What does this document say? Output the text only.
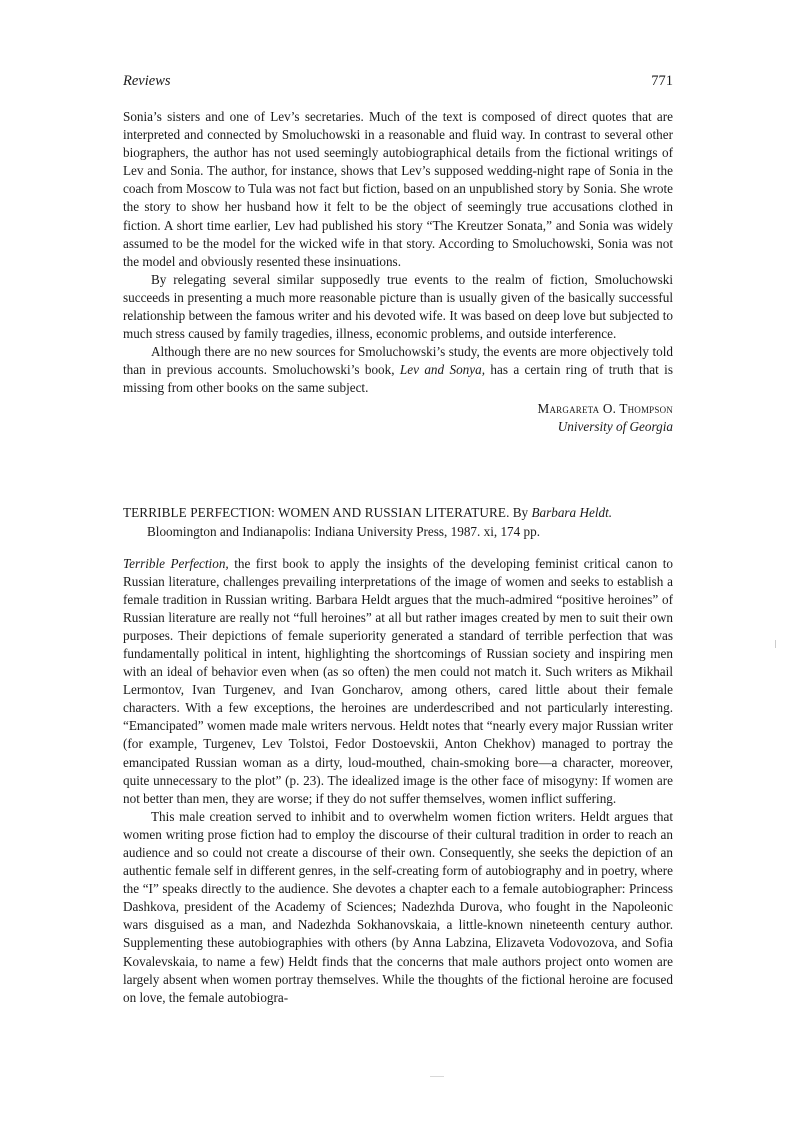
Reviews	771

Sonia’s sisters and one of Lev’s secretaries. Much of the text is composed of direct quotes that are interpreted and connected by Smoluchowski in a reasonable and fluid way. In contrast to several other biographers, the author has not used seemingly autobiographical details from the fictional writings of Lev and Sonia. The author, for instance, shows that Lev’s supposed wedding-night rape of Sonia in the coach from Moscow to Tula was not fact but fiction, based on an unpublished story by Sonia. She wrote the story to show her husband how it felt to be the object of seemingly true accusations clothed in fiction. A short time earlier, Lev had published his story “The Kreutzer Sonata,” and Sonia was widely assumed to be the model for the wicked wife in that story. According to Smoluchowski, Sonia was not the model and obviously resented these insinuations.

By relegating several similar supposedly true events to the realm of fiction, Smoluchowski succeeds in presenting a much more reasonable picture than is usually given of the basically successful relationship between the famous writer and his devoted wife. It was based on deep love but subjected to much stress caused by family tragedies, illness, economic problems, and outside interference.

Although there are no new sources for Smoluchowski’s study, the events are more objectively told than in previous accounts. Smoluchowski’s book, Lev and Sonya, has a certain ring of truth that is missing from other books on the same subject.

Margareta O. Thompson
University of Georgia

TERRIBLE PERFECTION: WOMEN AND RUSSIAN LITERATURE. By Barbara Heldt. Bloomington and Indianapolis: Indiana University Press, 1987. xi, 174 pp.

Terrible Perfection, the first book to apply the insights of the developing feminist critical canon to Russian literature, challenges prevailing interpretations of the image of women and seeks to establish a female tradition in Russian writing. Barbara Heldt argues that the much-admired “positive heroines” of Russian literature are really not “full heroines” at all but rather images created by men to suit their own purposes. Their depictions of female superiority generated a standard of terrible perfection that was fundamentally political in intent, highlighting the shortcomings of Russian society and inspiring men with an ideal of behavior even when (as so often) the men could not match it. Such writers as Mikhail Lermontov, Ivan Turgenev, and Ivan Goncharov, among others, cared little about their female characters. With a few exceptions, the heroines are underdescribed and not particularly interesting. “Emancipated” women made male writers nervous. Heldt notes that “nearly every major Russian writer (for example, Turgenev, Lev Tolstoi, Fedor Dostoevskii, Anton Chekhov) managed to portray the emancipated Russian woman as a dirty, loud-mouthed, chain-smoking bore—a character, moreover, quite unnecessary to the plot” (p. 23). The idealized image is the other face of misogyny: If women are not better than men, they are worse; if they do not suffer themselves, women inflict suffering.

This male creation served to inhibit and to overwhelm women fiction writers. Heldt argues that women writing prose fiction had to employ the discourse of their cultural tradition in order to reach an audience and so could not create a discourse of their own. Consequently, she seeks the depiction of an authentic female self in different genres, in the self-creating form of autobiography and in poetry, where the “I” speaks directly to the audience. She devotes a chapter each to a female autobiographer: Princess Dashkova, president of the Academy of Sciences; Nadezhda Durova, who fought in the Napoleonic wars disguised as a man, and Nadezhda Sokhanovskaia, a little-known nineteenth century author. Supplementing these autobiographies with others (by Anna Labzina, Elizaveta Vodovozova, and Sofia Kovalevskaia, to name a few) Heldt finds that the concerns that male authors project onto women are largely absent when women portray themselves. While the thoughts of the fictional heroine are focused on love, the female autobiogra-
